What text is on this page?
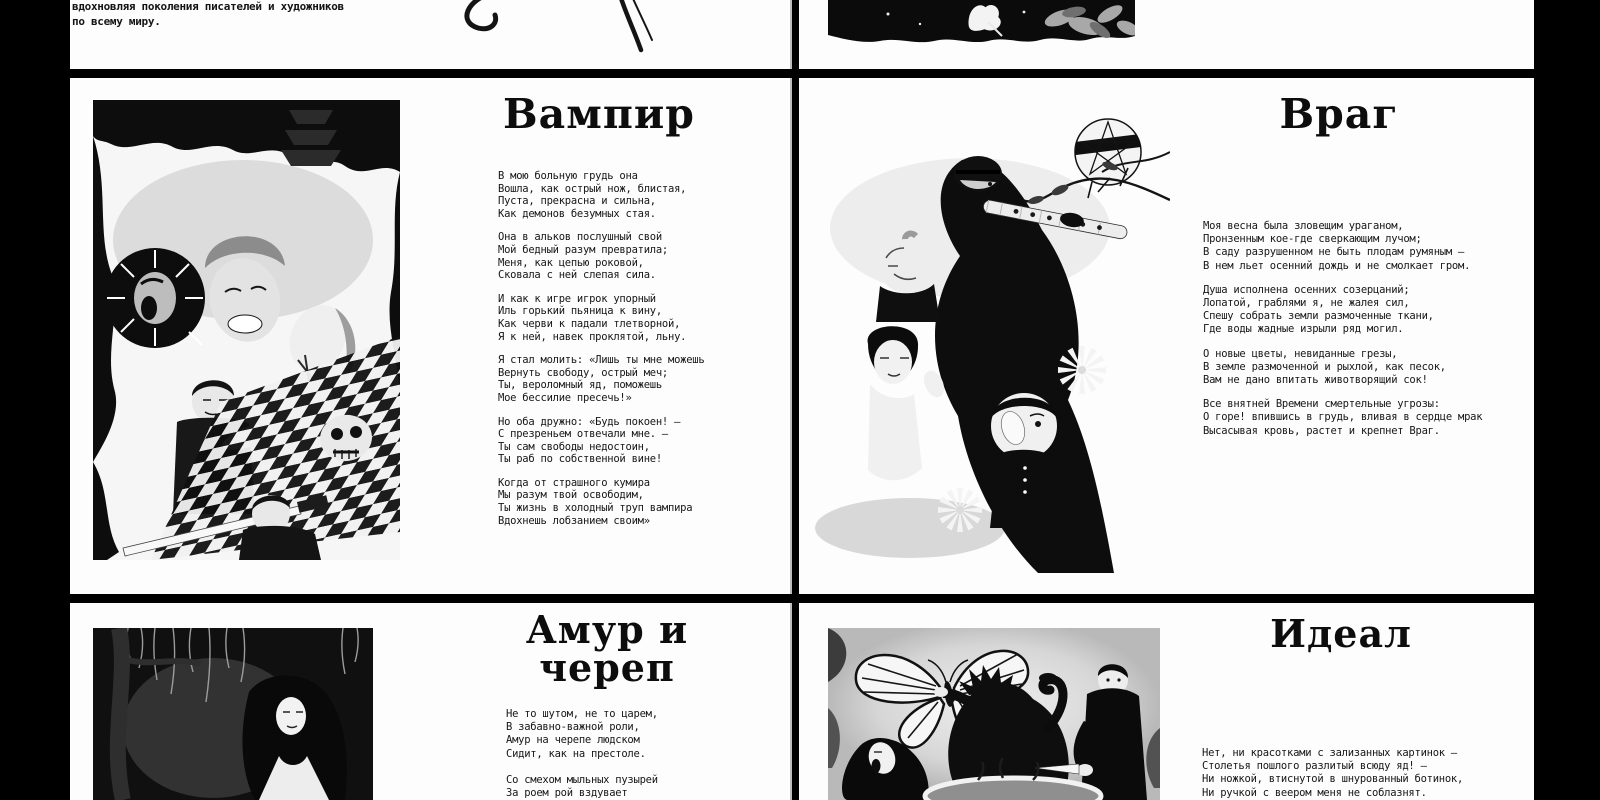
вдохновляя поколения писателей и художников
по всему миру.
Вампир
В мою больную грудь она
Вошла, как острый нож, блистая,
Пуста, прекрасна и сильна,
Как демонов безумных стая.
Она в альков послушный свой
Мой бедный разум превратила;
Меня, как цепью роковой,
Сковала с ней слепая сила.
И как к игре игрок упорный
Иль горький пьяница к вину,
Как черви к падали тлетворной,
Я к ней, навек проклятой, льну.
Я стал молить: «Лишь ты мне можешь
Вернуть свободу, острый меч;
Ты, вероломный яд, поможешь
Мое бессилие пресечь!»
Но оба дружно: «Будь покоен! —
С презреньем отвечали мне. —
Ты сам свободы недостоин,
Ты раб по собственной вине!
Когда от страшного кумира
Мы разум твой освободим,
Ты жизнь в холодный труп вампира
Вдохнешь лобзанием своим»
Враг
Моя весна была зловещим ураганом,
Пронзенным кое-где сверкающим лучом;
В саду разрушенном не быть плодам румяным —
В нем льет осенний дождь и не смолкает гром.
Душа исполнена осенних созерцаний;
Лопатой, граблями я, не жалея сил,
Спешу собрать земли размоченные ткани,
Где воды жадные изрыли ряд могил.
О новые цветы, невиданные грезы,
В земле размоченной и рыхлой, как песок,
Вам не дано впитать животворящий сок!
Все внятней Времени смертельные угрозы:
О горе! впившись в грудь, вливая в сердце мрак
Высасывая кровь, растет и крепнет Враг.
Амур и череп
Не то шутом, не то царем,
В забавно-важной роли,
Амур на черепе людском
Сидит, как на престоле.
Со смехом мыльных пузырей
За роем рой вздувает
Идеал
Нет, ни красотками с зализанных картинок —
Столетья пошлого разлитый всюду яд! —
Ни ножкой, втиснутой в шнурованный ботинок,
Ни ручкой с веером меня не соблазнят.
